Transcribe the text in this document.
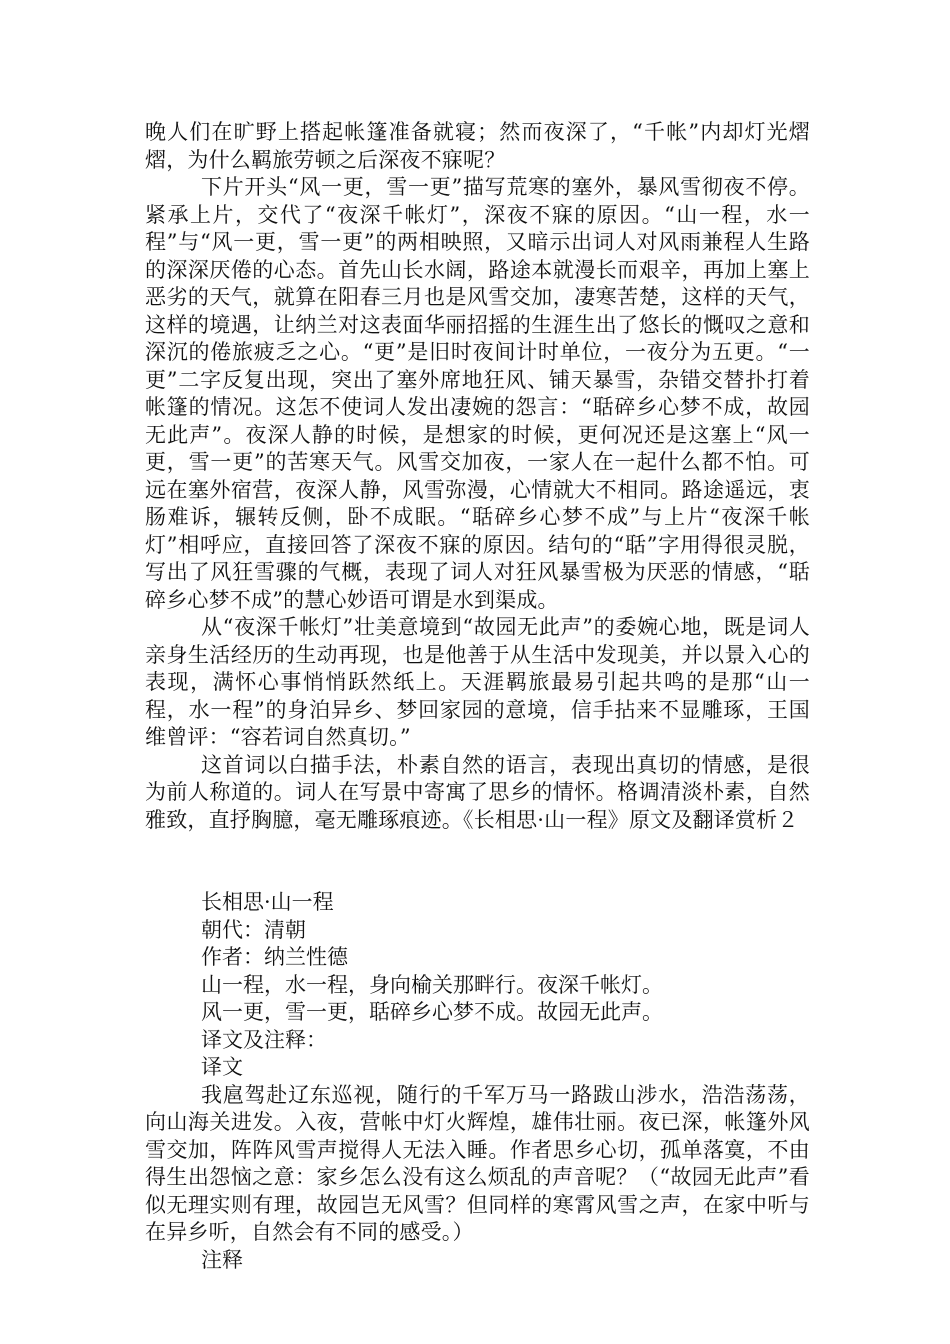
晚人们在旷野上搭起帐篷准备就寝；然而夜深了，“千帐”内却灯光熠熠，为什么羁旅劳顿之后深夜不寐呢？

下片开头“风一更，雪一更”描写荒寒的塞外，暴风雪彻夜不停。紧承上片，交代了“夜深千帐灯”，深夜不寐的原因。“山一程，水一程”与“风一更，雪一更”的两相映照，又暗示出词人对风雨兼程人生路的深深厌倦的心态。首先山长水阔，路途本就漫长而艰辛，再加上塞上恶劣的天气，就算在阳春三月也是风雪交加，凄寒苦楚，这样的天气，这样的境遇，让纳兰对这表面华丽招摇的生涯生出了悠长的慨叹之意和深沉的倦旅疲乏之心。“更”是旧时夜间计时单位，一夜分为五更。“一更”二字反复出现，突出了塞外席地狂风、铺天暴雪，杂错交替扑打着帐篷的情况。这怎不使词人发出凄婉的怨言：“聒碎乡心梦不成，故园无此声”。夜深人静的时候，是想家的时候，更何况还是这塞上“风一更，雪一更”的苦寒天气。风雪交加夜，一家人在一起什么都不怕。可远在塞外宿营，夜深人静，风雪弥漫，心情就大不相同。路途遥远，衷肠难诉，辗转反侧，卧不成眠。“聒碎乡心梦不成”与上片“夜深千帐灯”相呼应，直接回答了深夜不寐的原因。结句的“聒”字用得很灵脱，写出了风狂雪骤的气概，表现了词人对狂风暴雪极为厌恶的情感，“聒碎乡心梦不成”的慧心妙语可谓是水到渠成。

从“夜深千帐灯”壮美意境到“故园无此声”的委婉心地，既是词人亲身生活经历的生动再现，也是他善于从生活中发现美，并以景入心的表现，满怀心事悄悄跃然纸上。天涯羁旅最易引起共鸣的是那“山一程，水一程”的身泊异乡、梦回家园的意境，信手拈来不显雕琢，王国维曾评：“容若词自然真切。”

这首词以白描手法，朴素自然的语言，表现出真切的情感，是很为前人称道的。词人在写景中寄寓了思乡的情怀。格调清淡朴素，自然雅致，直抒胸臆，毫无雕琢痕迹。《长相思·山一程》原文及翻译赏析２

长相思·山一程

朝代：清朝

作者：纳兰性德

山一程，水一程，身向榆关那畔行。夜深千帐灯。

风一更，雪一更，聒碎乡心梦不成。故园无此声。

译文及注释：

译文

我扈驾赴辽东巡视，随行的千军万马一路跋山涉水，浩浩荡荡，向山海关进发。入夜，营帐中灯火辉煌，雄伟壮丽。夜已深，帐篷外风雪交加，阵阵风雪声搅得人无法入睡。作者思乡心切，孤单落寞，不由得生出怨恼之意：家乡怎么没有这么烦乱的声音呢？（“故园无此声”看似无理实则有理，故园岂无风雪？但同样的寒霄风雪之声，在家中听与在异乡听，自然会有不同的感受。）

注释
